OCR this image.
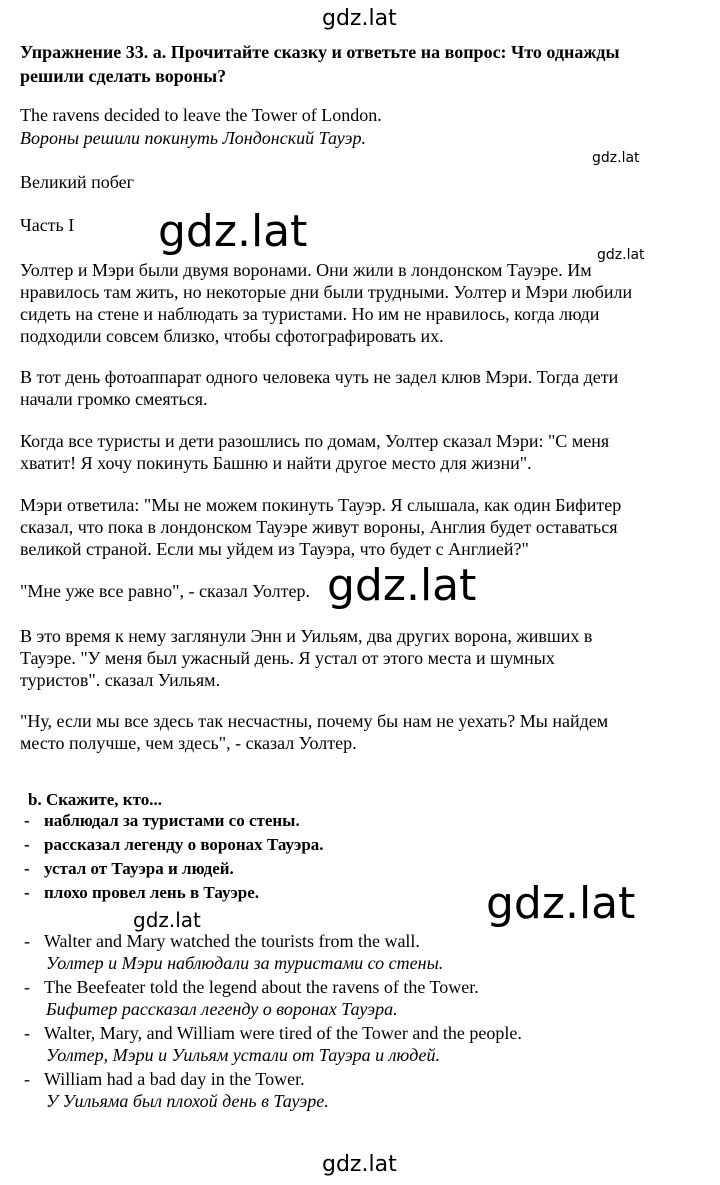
gdz.lat
gdz.lat
gdz.lat	gdz.lat
gdz.lat
gdz.lat
gdz.lat
gdz.lat
Упражнение 33. a. Прочитайте сказку и ответьте на вопрос: Что однажды
решили сделать вороны?
The ravens decided to leave the Tower of London.
Вороны решили покинуть Лондонский Тауэр.
Великий побег
Часть I
Уолтер и Мэри были двумя воронами. Они жили в лондонском Тауэре. Им
нравилось там жить, но некоторые дни были трудными. Уолтер и Мэри любили
сидеть на стене и наблюдать за туристами. Но им не нравилось, когда люди
подходили совсем близко, чтобы сфотографировать их.
В тот день фотоаппарат одного человека чуть не задел клюв Мэри. Тогда дети
начали громко смеяться.
Когда все туристы и дети разошлись по домам, Уолтер сказал Мэри: "С меня
хватит! Я хочу покинуть Башню и найти другое место для жизни".
Мэри ответила: "Мы не можем покинуть Тауэр. Я слышала, как один Бифитер
сказал, что пока в лондонском Тауэре живут вороны, Англия будет оставаться
великой страной. Если мы уйдем из Тауэра, что будет с Англией?"
"Мне уже все равно", - сказал Уолтер.
В это время к нему заглянули Энн и Уильям, два других ворона, живших в
Тауэре. "У меня был ужасный день. Я устал от этого места и шумных
туристов". сказал Уильям.
"Ну, если мы все здесь так несчастны, почему бы нам не уехать? Мы найдем
место получше, чем здесь", - сказал Уолтер.
b. Скажите, кто...
- наблюдал за туристами со стены.
- рассказал легенду о воронах Тауэра.
- устал от Тауэра и людей.
- плохо провел лень в Тауэре.
- Walter and Mary watched the tourists from the wall.
Уолтер и Мэри наблюдали за туристами со стены.
- The Beefeater told the legend about the ravens of the Tower.
Бифитер рассказал легенду о воронах Тауэра.
- Walter, Mary, and William were tired of the Tower and the people.
Уолтер, Мэри и Уильям устали от Тауэра и людей.
- William had a bad day in the Tower.
У Уильяма был плохой день в Тауэре.
